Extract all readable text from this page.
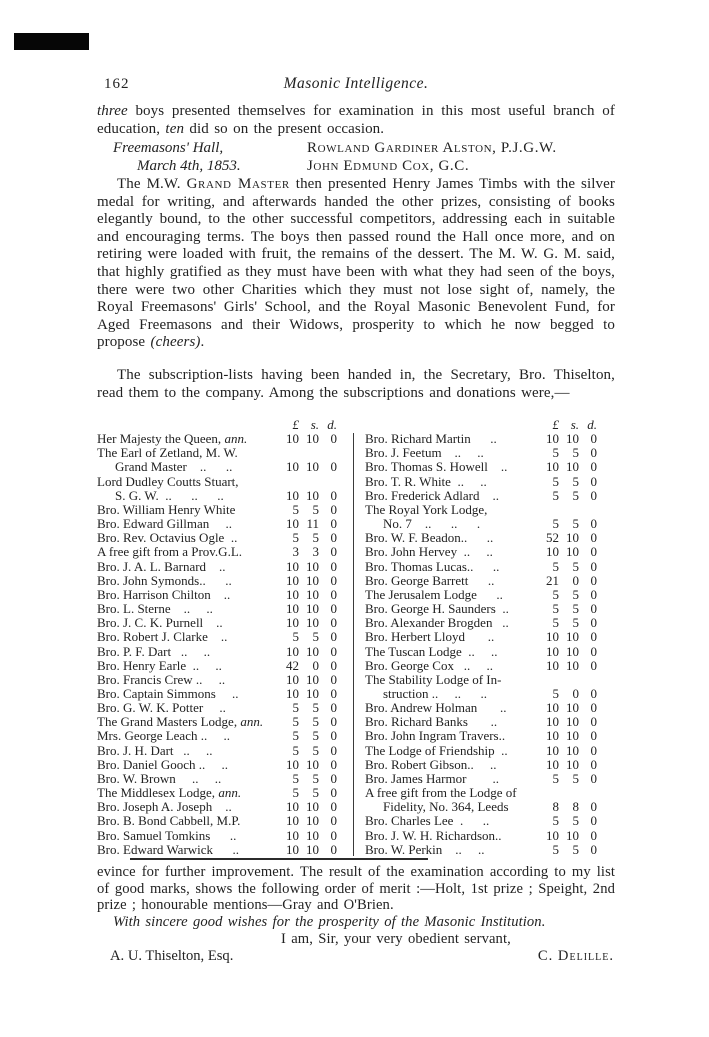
162	Masonic Intelligence.

three boys presented themselves for examination in this most useful branch of education, ten did so on the present occasion.

Freemasons' Hall,
March 4th, 1853.
Rowland Gardiner Alston, P.J.G.W.
John Edmund Cox, G.C.

The M.W. Grand Master then presented Henry James Timbs with the silver medal for writing, and afterwards handed the other prizes, consisting of books elegantly bound, to the other successful competitors, addressing each in suitable and encouraging terms. The boys then passed round the Hall once more, and on retiring were loaded with fruit, the remains of the dessert. The M. W. G. M. said, that highly gratified as they must have been with what they had seen of the boys, there were two other Charities which they must not lose sight of, namely, the Royal Freemasons' Girls' School, and the Royal Masonic Benevolent Fund, for Aged Freemasons and their Widows, prosperity to which he now begged to propose (cheers).

The subscription-lists having been handed in, the Secretary, Bro. Thiselton, read them to the company. Among the subscriptions and donations were,—

£ s. d.
Her Majesty the Queen, ann.	10 10 0
The Earl of Zetland, M. W.
Grand Master    ..      ..	10 10 0
Lord Dudley Coutts Stuart,
S. G. W.  ..      ..      ..	10 10 0
Bro. William Henry White	5	5 0
Bro. Edward Gillman     ..	10 11 0
Bro. Rev. Octavius Ogle  ..	5	5 0
A free gift from a Prov.G.L.	3	3 0
Bro. J. A. L. Barnard    ..	10 10 0
Bro. John Symonds..      ..	10 10 0
Bro. Harrison Chilton    ..	10 10 0
Bro. L. Sterne    ..     ..	10 10 0
Bro. J. C. K. Purnell    ..	10 10 0
Bro. Robert J. Clarke    ..	5	5 0
Bro. P. F. Dart   ..     ..	10 10 0
Bro. Henry Earle  ..     ..	42	0 0
Bro. Francis Crew ..     ..	10 10 0
Bro. Captain Simmons     ..	10 10 0
Bro. G. W. K. Potter     ..	5	5 0
The Grand Masters Lodge, ann.	5	5 0
Mrs. George Leach ..     ..	5	5 0
Bro. J. H. Dart   ..     ..	5	5 0
Bro. Daniel Gooch ..     ..	10 10 0
Bro. W. Brown     ..     ..	5	5 0
The Middlesex Lodge, ann.	5	5 0
Bro. Joseph A. Joseph    ..	10 10 0
Bro. B. Bond Cabbell, M.P.	10 10 0
Bro. Samuel Tomkins      ..	10 10 0
Bro. Edward Warwick      ..	10 10 0
£ s. d.
Bro. Richard Martin      ..	10 10 0
Bro. J. Feetum    ..     ..	5	5 0
Bro. Thomas S. Howell    ..	10 10 0
Bro. T. R. White  ..     ..	5	5 0
Bro. Frederick Adlard    ..	5	5 0
The Royal York Lodge,
No. 7    ..      ..      .	5	5 0
Bro. W. F. Beadon..      ..	52 10 0
Bro. John Hervey  ..     ..	10 10 0
Bro. Thomas Lucas..      ..	5	5 0
Bro. George Barrett      ..	21	0 0
The Jerusalem Lodge      ..	5	5 0
Bro. George H. Saunders  ..	5	5 0
Bro. Alexander Brogden   ..	5	5 0
Bro. Herbert Lloyd       ..	10 10 0
The Tuscan Lodge  ..     ..	10 10 0
Bro. George Cox   ..     ..	10 10 0
The Stability Lodge of In-
struction ..     ..      ..	5	0 0
Bro. Andrew Holman       ..	10 10 0
Bro. Richard Banks       ..	10 10 0
Bro. John Ingram Travers..	10 10 0
The Lodge of Friendship  ..	10 10 0
Bro. Robert Gibson..     ..	10 10 0
Bro. James Harmor        ..	5	5 0
A free gift from the Lodge of
Fidelity, No. 364, Leeds	8	8 0
Bro. Charles Lee  .      ..	5	5 0
Bro. J. W. H. Richardson..	10 10 0
Bro. W. Perkin    ..     ..	5	5 0

evince for further improvement. The result of the examination according to my list of good marks, shows the following order of merit :—Holt, 1st prize ; Speight, 2nd prize ; honourable mentions—Gray and O'Brien.

With sincere good wishes for the prosperity of the Masonic Institution.

I am, Sir, your very obedient servant,

A. U. Thiselton, Esq.	C. Delille.
